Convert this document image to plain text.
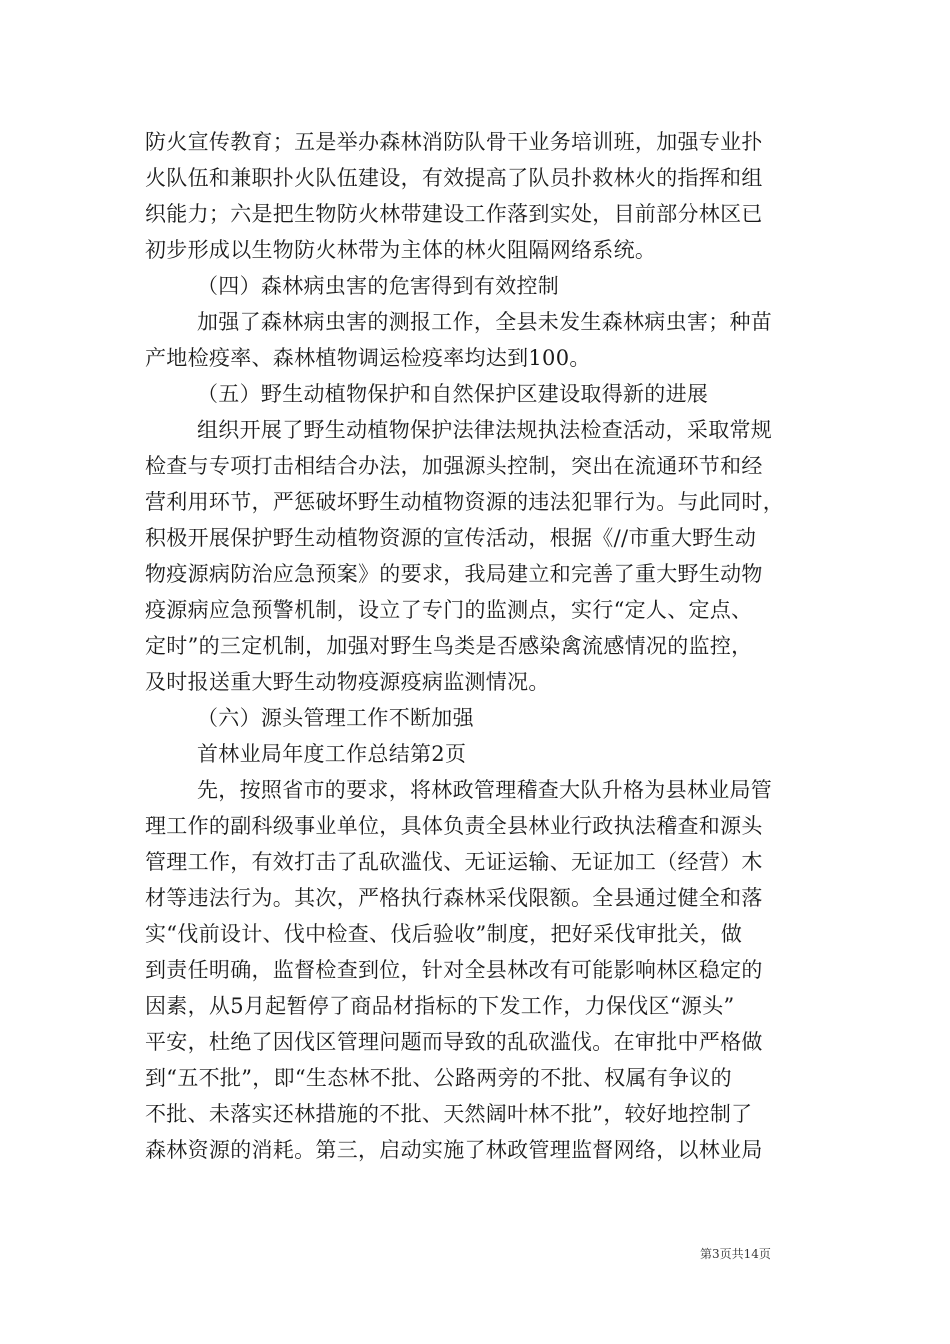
防火宣传教育；五是举办森林消防队骨干业务培训班，加强专业扑
火队伍和兼职扑火队伍建设，有效提高了队员扑救林火的指挥和组
织能力；六是把生物防火林带建设工作落到实处，目前部分林区已
初步形成以生物防火林带为主体的林火阻隔网络系统。
（四）森林病虫害的危害得到有效控制
加强了森林病虫害的测报工作，全县未发生森林病虫害；种苗
产地检疫率、森林植物调运检疫率均达到100。
（五）野生动植物保护和自然保护区建设取得新的进展
组织开展了野生动植物保护法律法规执法检查活动，采取常规
检查与专项打击相结合办法，加强源头控制，突出在流通环节和经
营利用环节，严惩破坏野生动植物资源的违法犯罪行为。与此同时，
积极开展保护野生动植物资源的宣传活动，根据《//市重大野生动
物疫源病防治应急预案》的要求，我局建立和完善了重大野生动物
疫源病应急预警机制，设立了专门的监测点，实行“定人、定点、
定时”的三定机制，加强对野生鸟类是否感染禽流感情况的监控，
及时报送重大野生动物疫源疫病监测情况。
（六）源头管理工作不断加强
首林业局年度工作总结第2页
先，按照省市的要求，将林政管理稽查大队升格为县林业局管
理工作的副科级事业单位，具体负责全县林业行政执法稽查和源头
管理工作，有效打击了乱砍滥伐、无证运输、无证加工（经营）木
材等违法行为。其次，严格执行森林采伐限额。全县通过健全和落
实“伐前设计、伐中检查、伐后验收”制度，把好采伐审批关，做
到责任明确，监督检查到位，针对全县林改有可能影响林区稳定的
因素，从5月起暂停了商品材指标的下发工作，力保伐区“源头”
平安，杜绝了因伐区管理问题而导致的乱砍滥伐。在审批中严格做
到“五不批”，即“生态林不批、公路两旁的不批、权属有争议的
不批、未落实还林措施的不批、天然阔叶林不批”，较好地控制了
森林资源的消耗。第三，启动实施了林政管理监督网络，以林业局
第3页共14页
